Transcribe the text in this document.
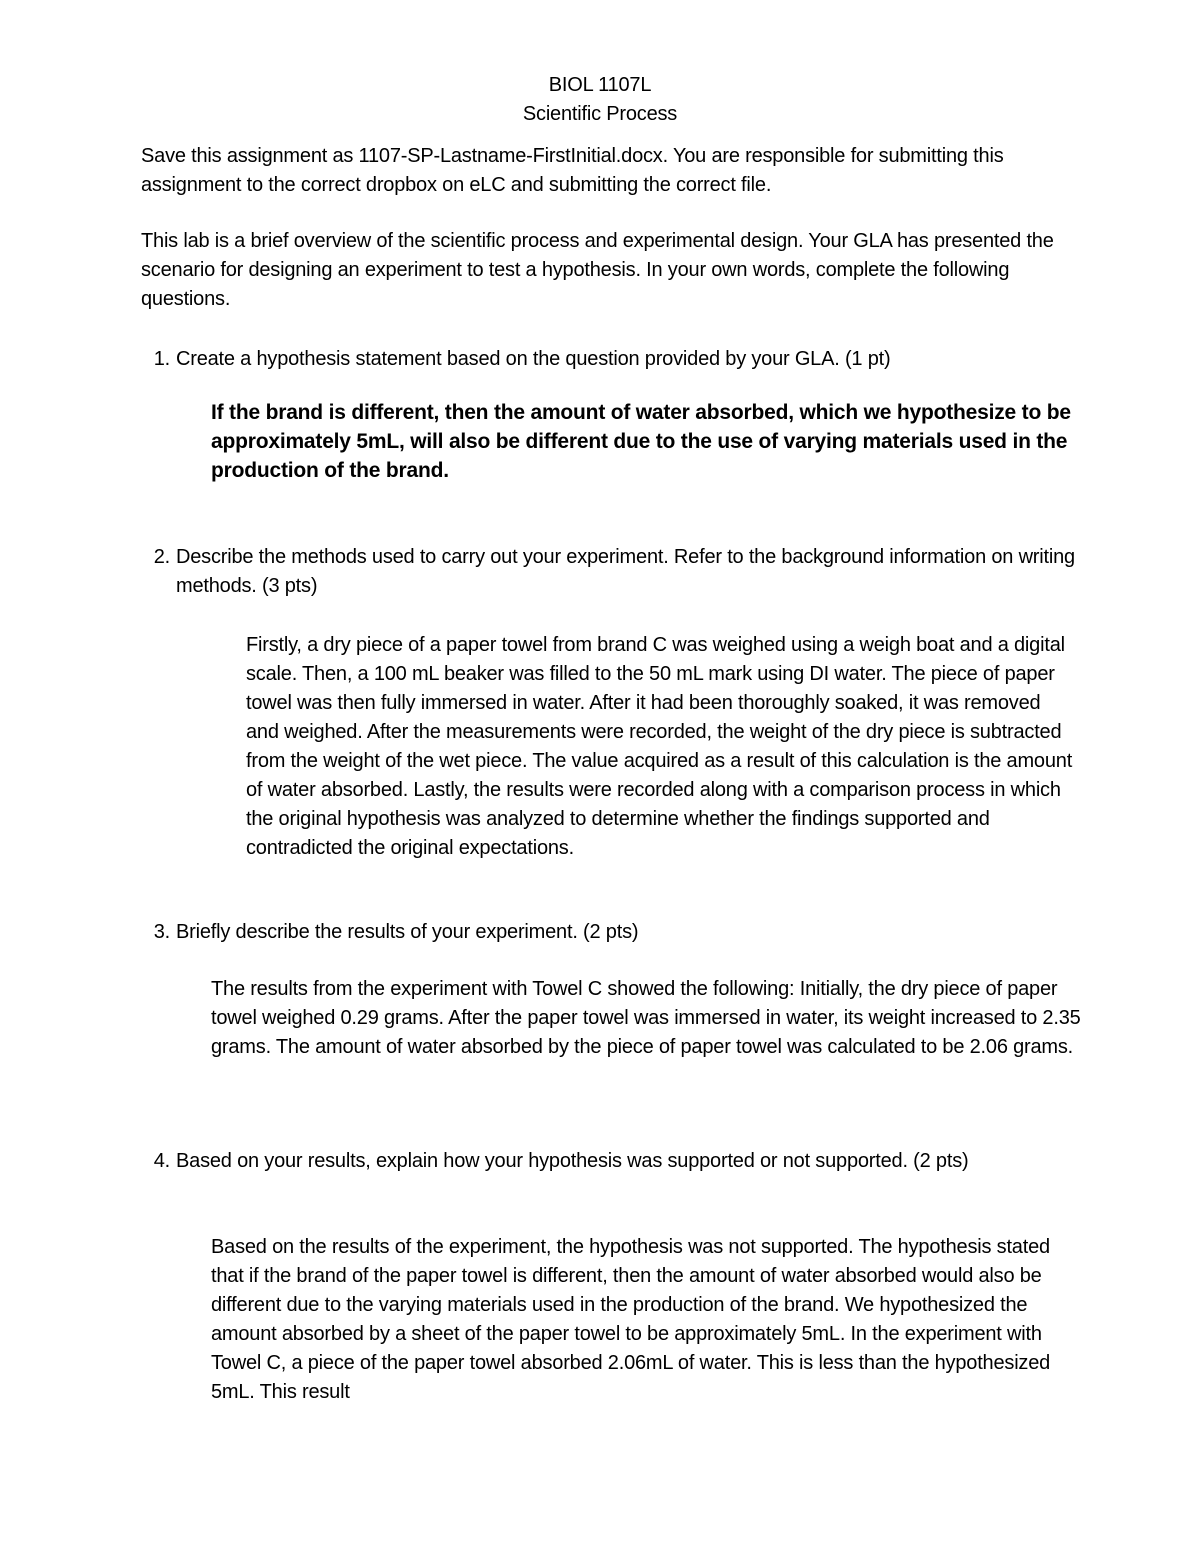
BIOL 1107L
Scientific Process
Save this assignment as 1107-SP-Lastname-FirstInitial.docx. You are responsible for submitting this assignment to the correct dropbox on eLC and submitting the correct file.
This lab is a brief overview of the scientific process and experimental design. Your GLA has presented the scenario for designing an experiment to test a hypothesis. In your own words, complete the following questions.
1. Create a hypothesis statement based on the question provided by your GLA. (1 pt)
If the brand is different, then the amount of water absorbed, which we hypothesize to be approximately 5mL, will also be different due to the use of varying materials used in the production of the brand.
2. Describe the methods used to carry out your experiment. Refer to the background information on writing methods. (3 pts)
Firstly, a dry piece of a paper towel from brand C was weighed using a weigh boat and a digital scale. Then, a 100 mL beaker was filled to the 50 mL mark using DI water. The piece of paper towel was then fully immersed in water. After it had been thoroughly soaked, it was removed and weighed. After the measurements were recorded, the weight of the dry piece is subtracted from the weight of the wet piece. The value acquired as a result of this calculation is the amount of water absorbed. Lastly, the results were recorded along with a comparison process in which the original hypothesis was analyzed to determine whether the findings supported and contradicted the original expectations.
3. Briefly describe the results of your experiment. (2 pts)
The results from the experiment with Towel C showed the following: Initially, the dry piece of paper towel weighed 0.29 grams. After the paper towel was immersed in water, its weight increased to 2.35 grams. The amount of water absorbed by the piece of paper towel was calculated to be 2.06 grams.
4. Based on your results, explain how your hypothesis was supported or not supported. (2 pts)
Based on the results of the experiment, the hypothesis was not supported. The hypothesis stated that if the brand of the paper towel is different, then the amount of water absorbed would also be different due to the varying materials used in the production of the brand. We hypothesized the amount absorbed by a sheet of the paper towel to be approximately 5mL. In the experiment with Towel C, a piece of the paper towel absorbed 2.06mL of water. This is less than the hypothesized 5mL. This result
